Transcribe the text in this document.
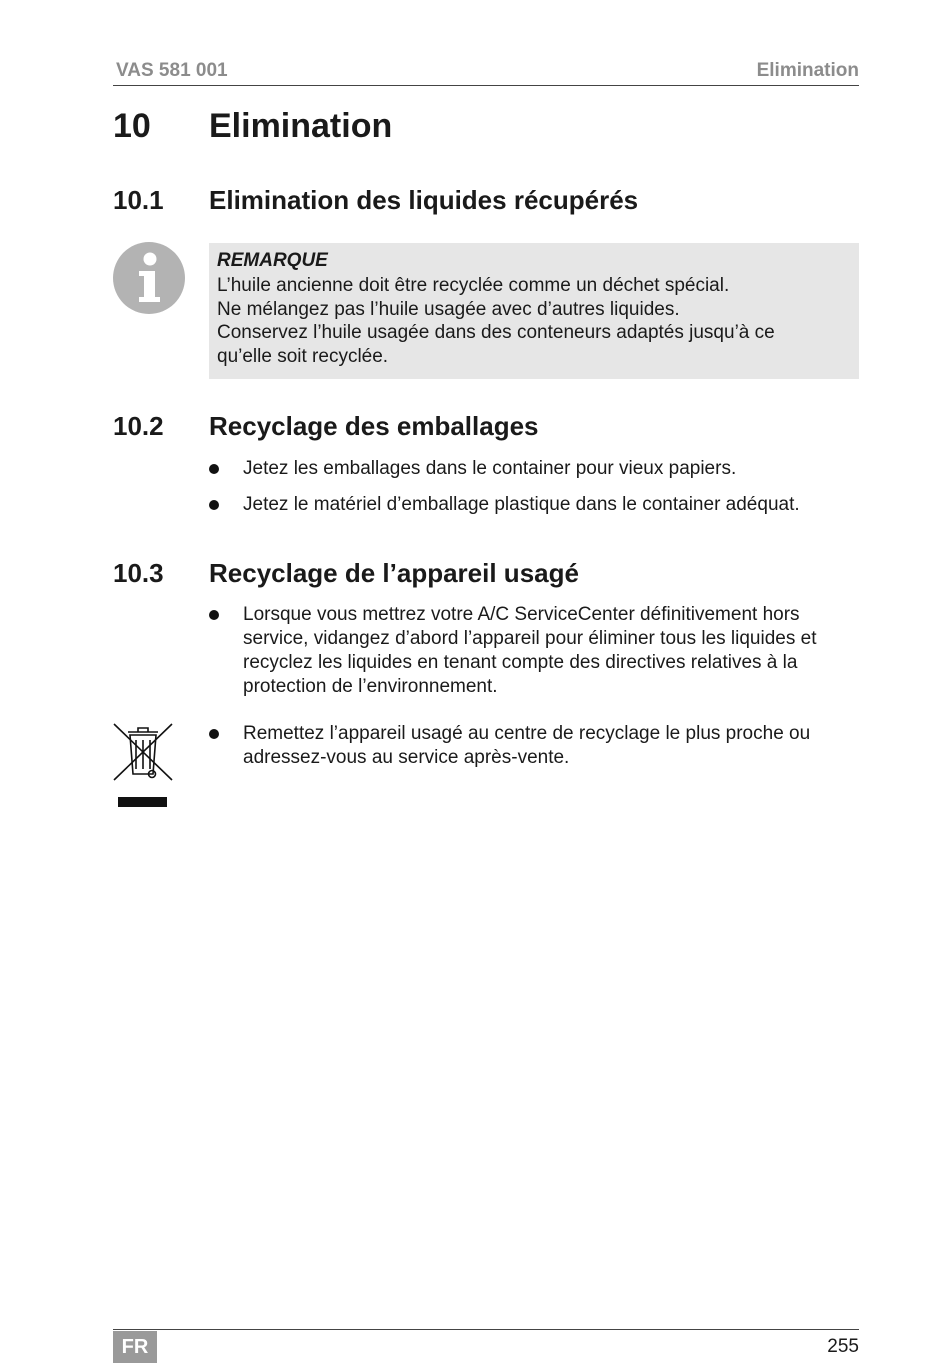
VAS 581 001	Elimination
10 Elimination
10.1 Elimination des liquides récupérés
REMARQUE
L’huile ancienne doit être recyclée comme un déchet spécial.
Ne mélangez pas l’huile usagée avec d’autres liquides.
Conservez l’huile usagée dans des conteneurs adaptés jusqu’à ce
qu’elle soit recyclée.
10.2 Recyclage des emballages
Jetez les emballages dans le container pour vieux papiers.
Jetez le matériel d’emballage plastique dans le container adéquat.
10.3 Recyclage de l’appareil usagé
Lorsque vous mettrez votre A/C ServiceCenter définitivement hors
service, vidangez d’abord l’appareil pour éliminer tous les liquides et
recyclez les liquides en tenant compte des directives relatives à la
protection de l’environnement.
Remettez l’appareil usagé au centre de recyclage le plus proche ou
adressez-vous au service après-vente.
FR	255
